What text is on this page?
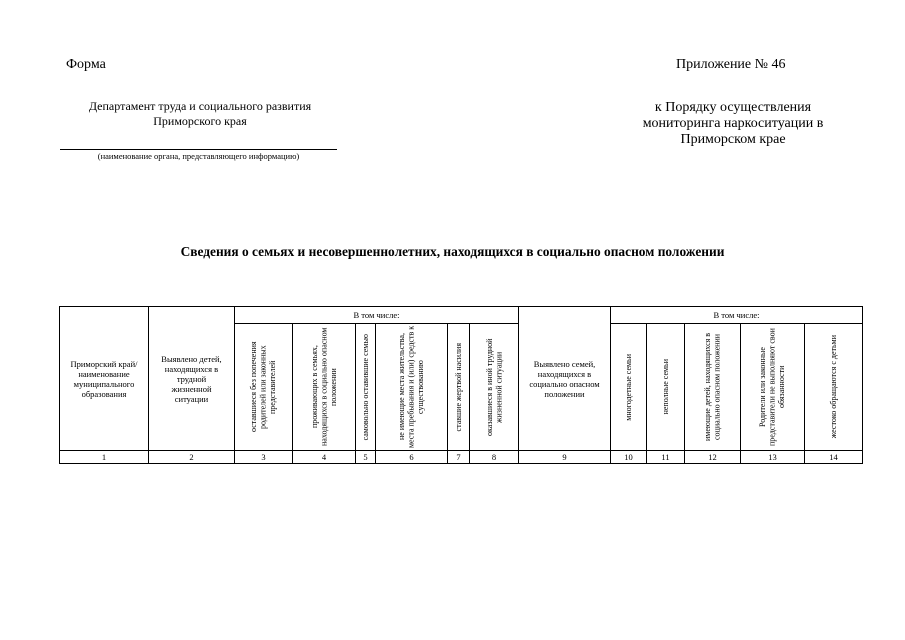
Форма	Приложение № 46
Департамент труда и социального развития
Приморского края
(наименование органа, представляющего информацию)
к Порядку осуществления
мониторинга наркоситуации в
Приморском крае
Сведения о семьях и несовершеннолетних, находящихся в социально опасном положении
Приморский край/ наименование муниципального образования	Выявлено детей, находящихся в трудной жизненной ситуации	В том числе:						Выявлено семей, находящихся в социально опасном положении	В том числе:				

		оставшиеся без попечения родителей или законных представителей	проживающих в семьях, находящихся в социально опасном положении	самовольно оставившие семью	не имеющие места жительства, места пребывания и (или) средств к существованию	ставшие жертвой насилия	оказавшиеся в иной трудной жизненной ситуации		многодетные семьи	неполные семьи	имеющие детей, находящихся в социально опасном положении	Родители или законные представители не выполняют свои обязанности	жестоко обращаются с детьми

1	2	3	4	5	6	7	8	9	10	11	12	13	14
